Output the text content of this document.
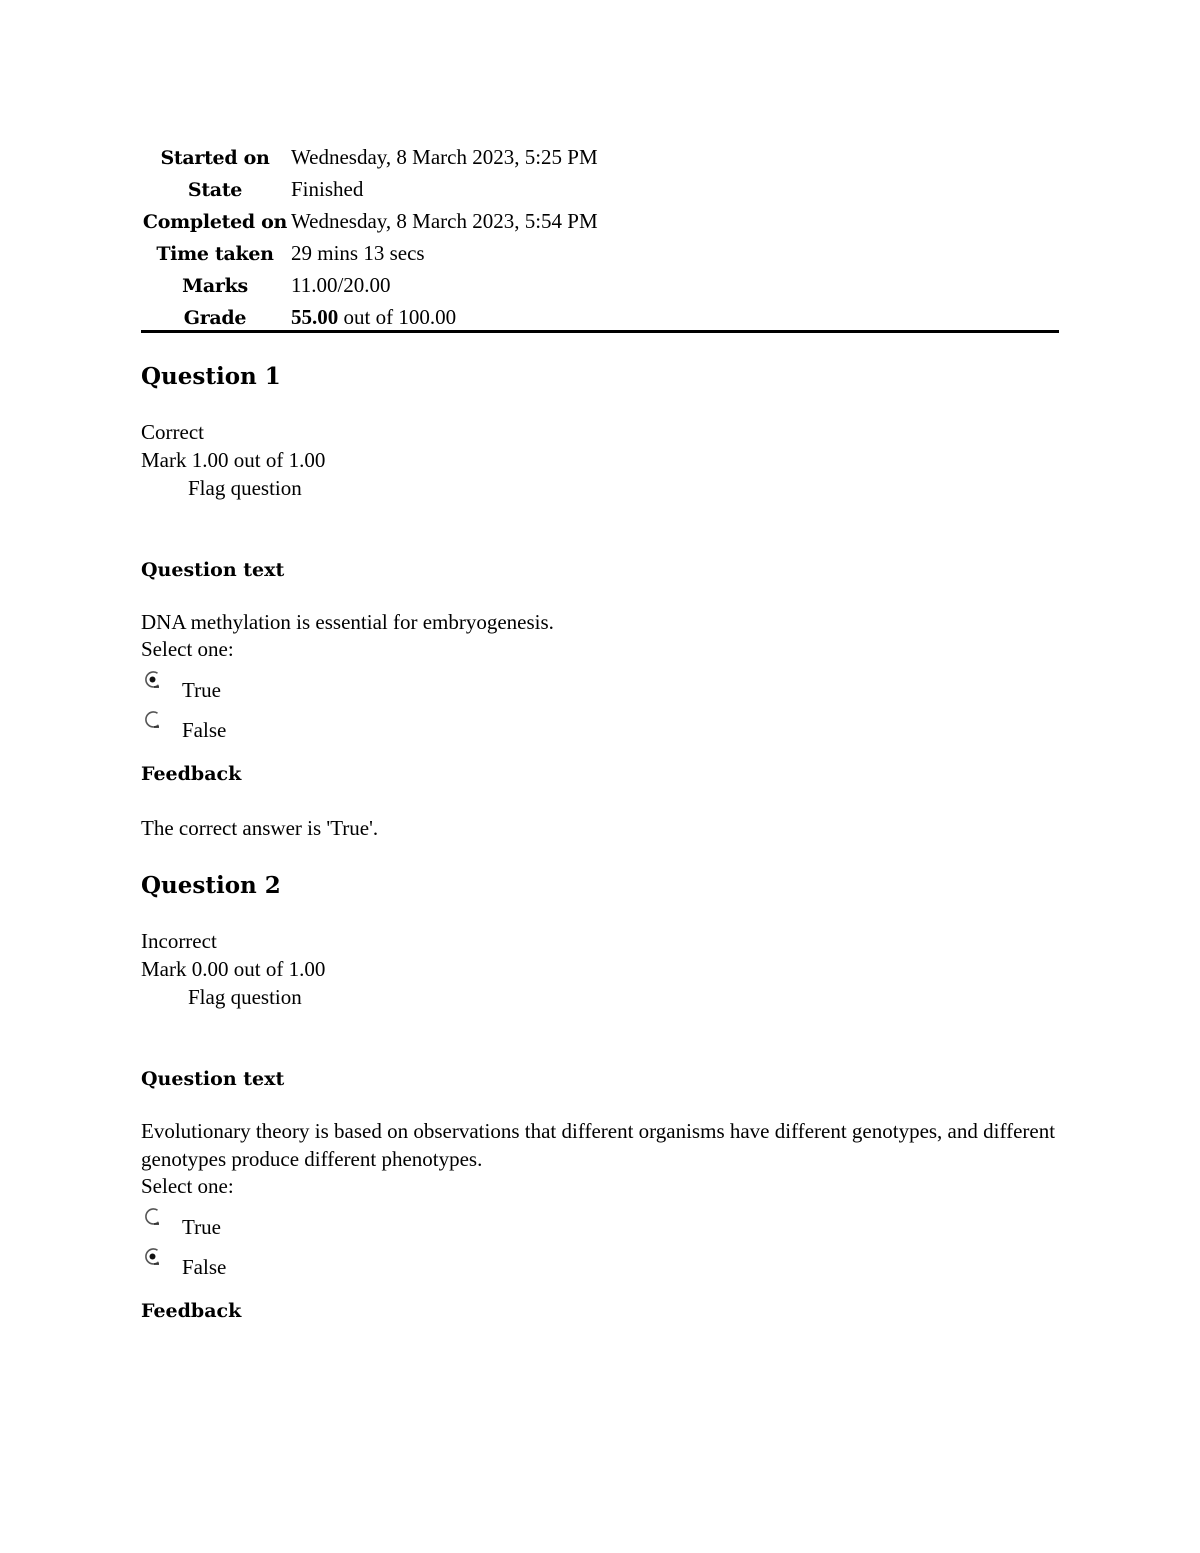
Started on	Wednesday, 8 March 2023, 5:25 PM
State	Finished
Completed on	Wednesday, 8 March 2023, 5:54 PM
Time taken	29 mins 13 secs
Marks	11.00/20.00
Grade	55.00 out of 100.00
Question 1
Correct
Mark 1.00 out of 1.00
Flag question
Question text
DNA methylation is essential for embryogenesis.
Select one:
True
False
Feedback
The correct answer is 'True'.
Question 2
Incorrect
Mark 0.00 out of 1.00
Flag question
Question text
Evolutionary theory is based on observations that different organisms have different genotypes, and different genotypes produce different phenotypes.
Select one:
True
False
Feedback
